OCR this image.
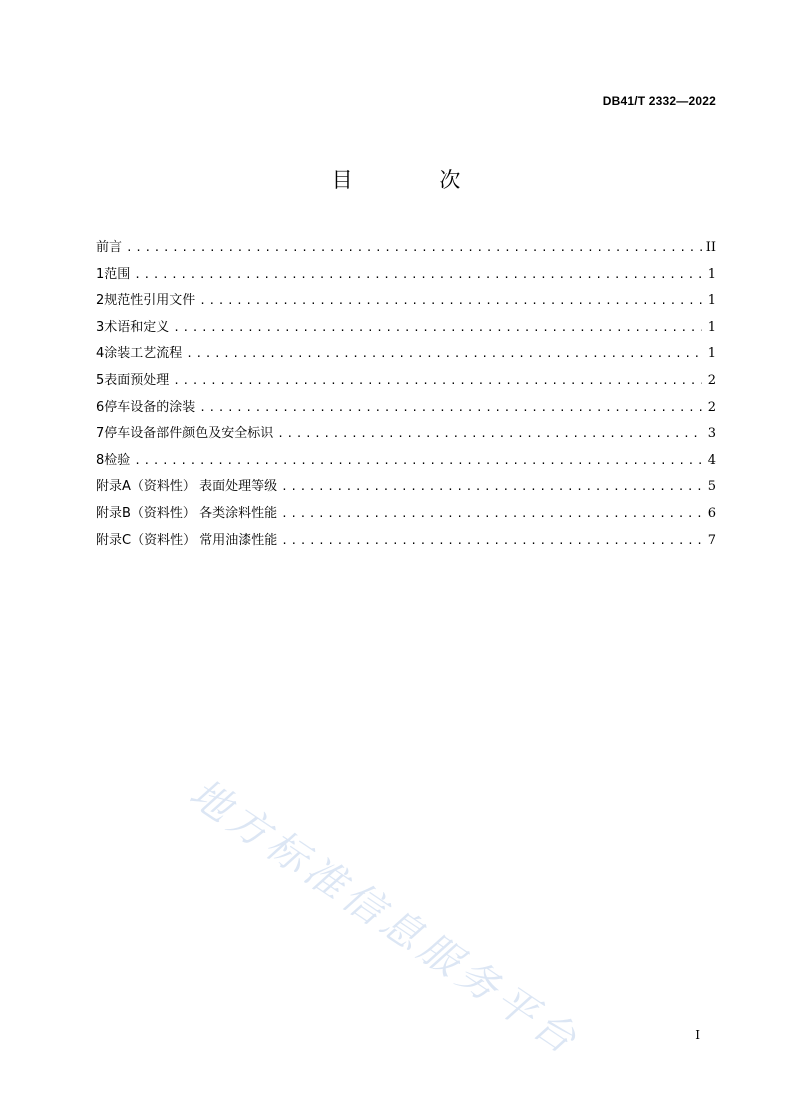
DB41/T 2332—2022
目 次
前言 .....	II
1 范围 .....	1
2 规范性引用文件 .....	1
3 术语和定义 .....	1
4 涂装工艺流程 .....	1
5 表面预处理 .....	2
6 停车设备的涂装 .....	2
7 停车设备部件颜色及安全标识 .....	3
8 检验 .....	4
附录A（资料性） 表面处理等级 .....	5
附录B（资料性） 各类涂料性能 .....	6
附录C（资料性） 常用油漆性能 .....	7
地方标准信息服务平台	I
